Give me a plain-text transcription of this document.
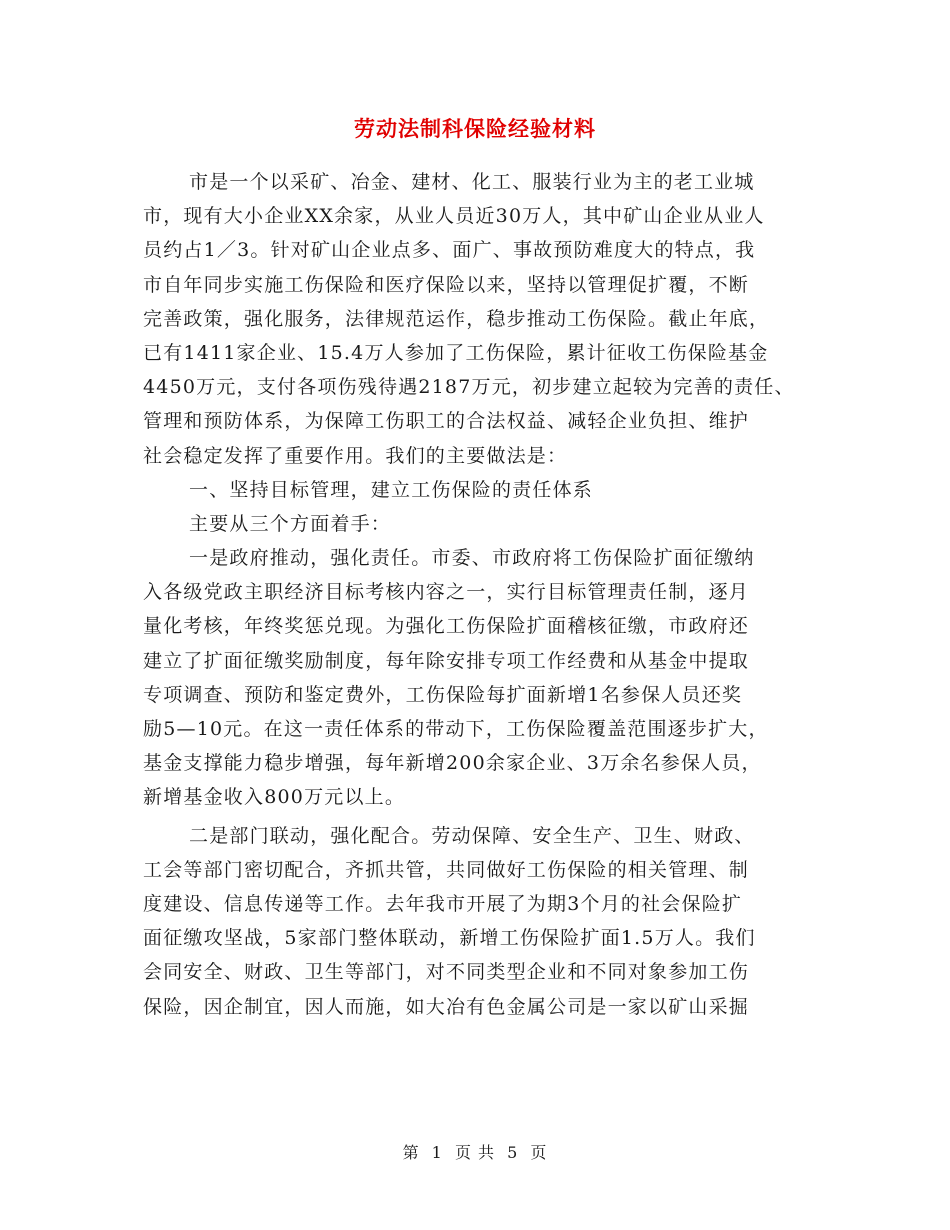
劳动法制科保险经验材料
市是一个以采矿、冶金、建材、化工、服装行业为主的老工业城
市，现有大小企业XX余家，从业人员近30万人，其中矿山企业从业人
员约占1／3。针对矿山企业点多、面广、事故预防难度大的特点，我
市自年同步实施工伤保险和医疗保险以来，坚持以管理促扩覆，不断
完善政策，强化服务，法律规范运作，稳步推动工伤保险。截止年底，
已有1411家企业、15.4万人参加了工伤保险，累计征收工伤保险基金
4450万元，支付各项伤残待遇2187万元，初步建立起较为完善的责任、
管理和预防体系，为保障工伤职工的合法权益、减轻企业负担、维护
社会稳定发挥了重要作用。我们的主要做法是：
一、坚持目标管理，建立工伤保险的责任体系
主要从三个方面着手：
一是政府推动，强化责任。市委、市政府将工伤保险扩面征缴纳
入各级党政主职经济目标考核内容之一，实行目标管理责任制，逐月
量化考核，年终奖惩兑现。为强化工伤保险扩面稽核征缴，市政府还
建立了扩面征缴奖励制度，每年除安排专项工作经费和从基金中提取
专项调查、预防和鉴定费外，工伤保险每扩面新增1名参保人员还奖
励5—10元。在这一责任体系的带动下，工伤保险覆盖范围逐步扩大，
基金支撑能力稳步增强，每年新增200余家企业、3万余名参保人员，
新增基金收入800万元以上。
二是部门联动，强化配合。劳动保障、安全生产、卫生、财政、
工会等部门密切配合，齐抓共管，共同做好工伤保险的相关管理、制
度建设、信息传递等工作。去年我市开展了为期3个月的社会保险扩
面征缴攻坚战，5家部门整体联动，新增工伤保险扩面1.5万人。我们
会同安全、财政、卫生等部门，对不同类型企业和不同对象参加工伤
保险，因企制宜，因人而施，如大冶有色金属公司是一家以矿山采掘
第 1 页 共 5 页
